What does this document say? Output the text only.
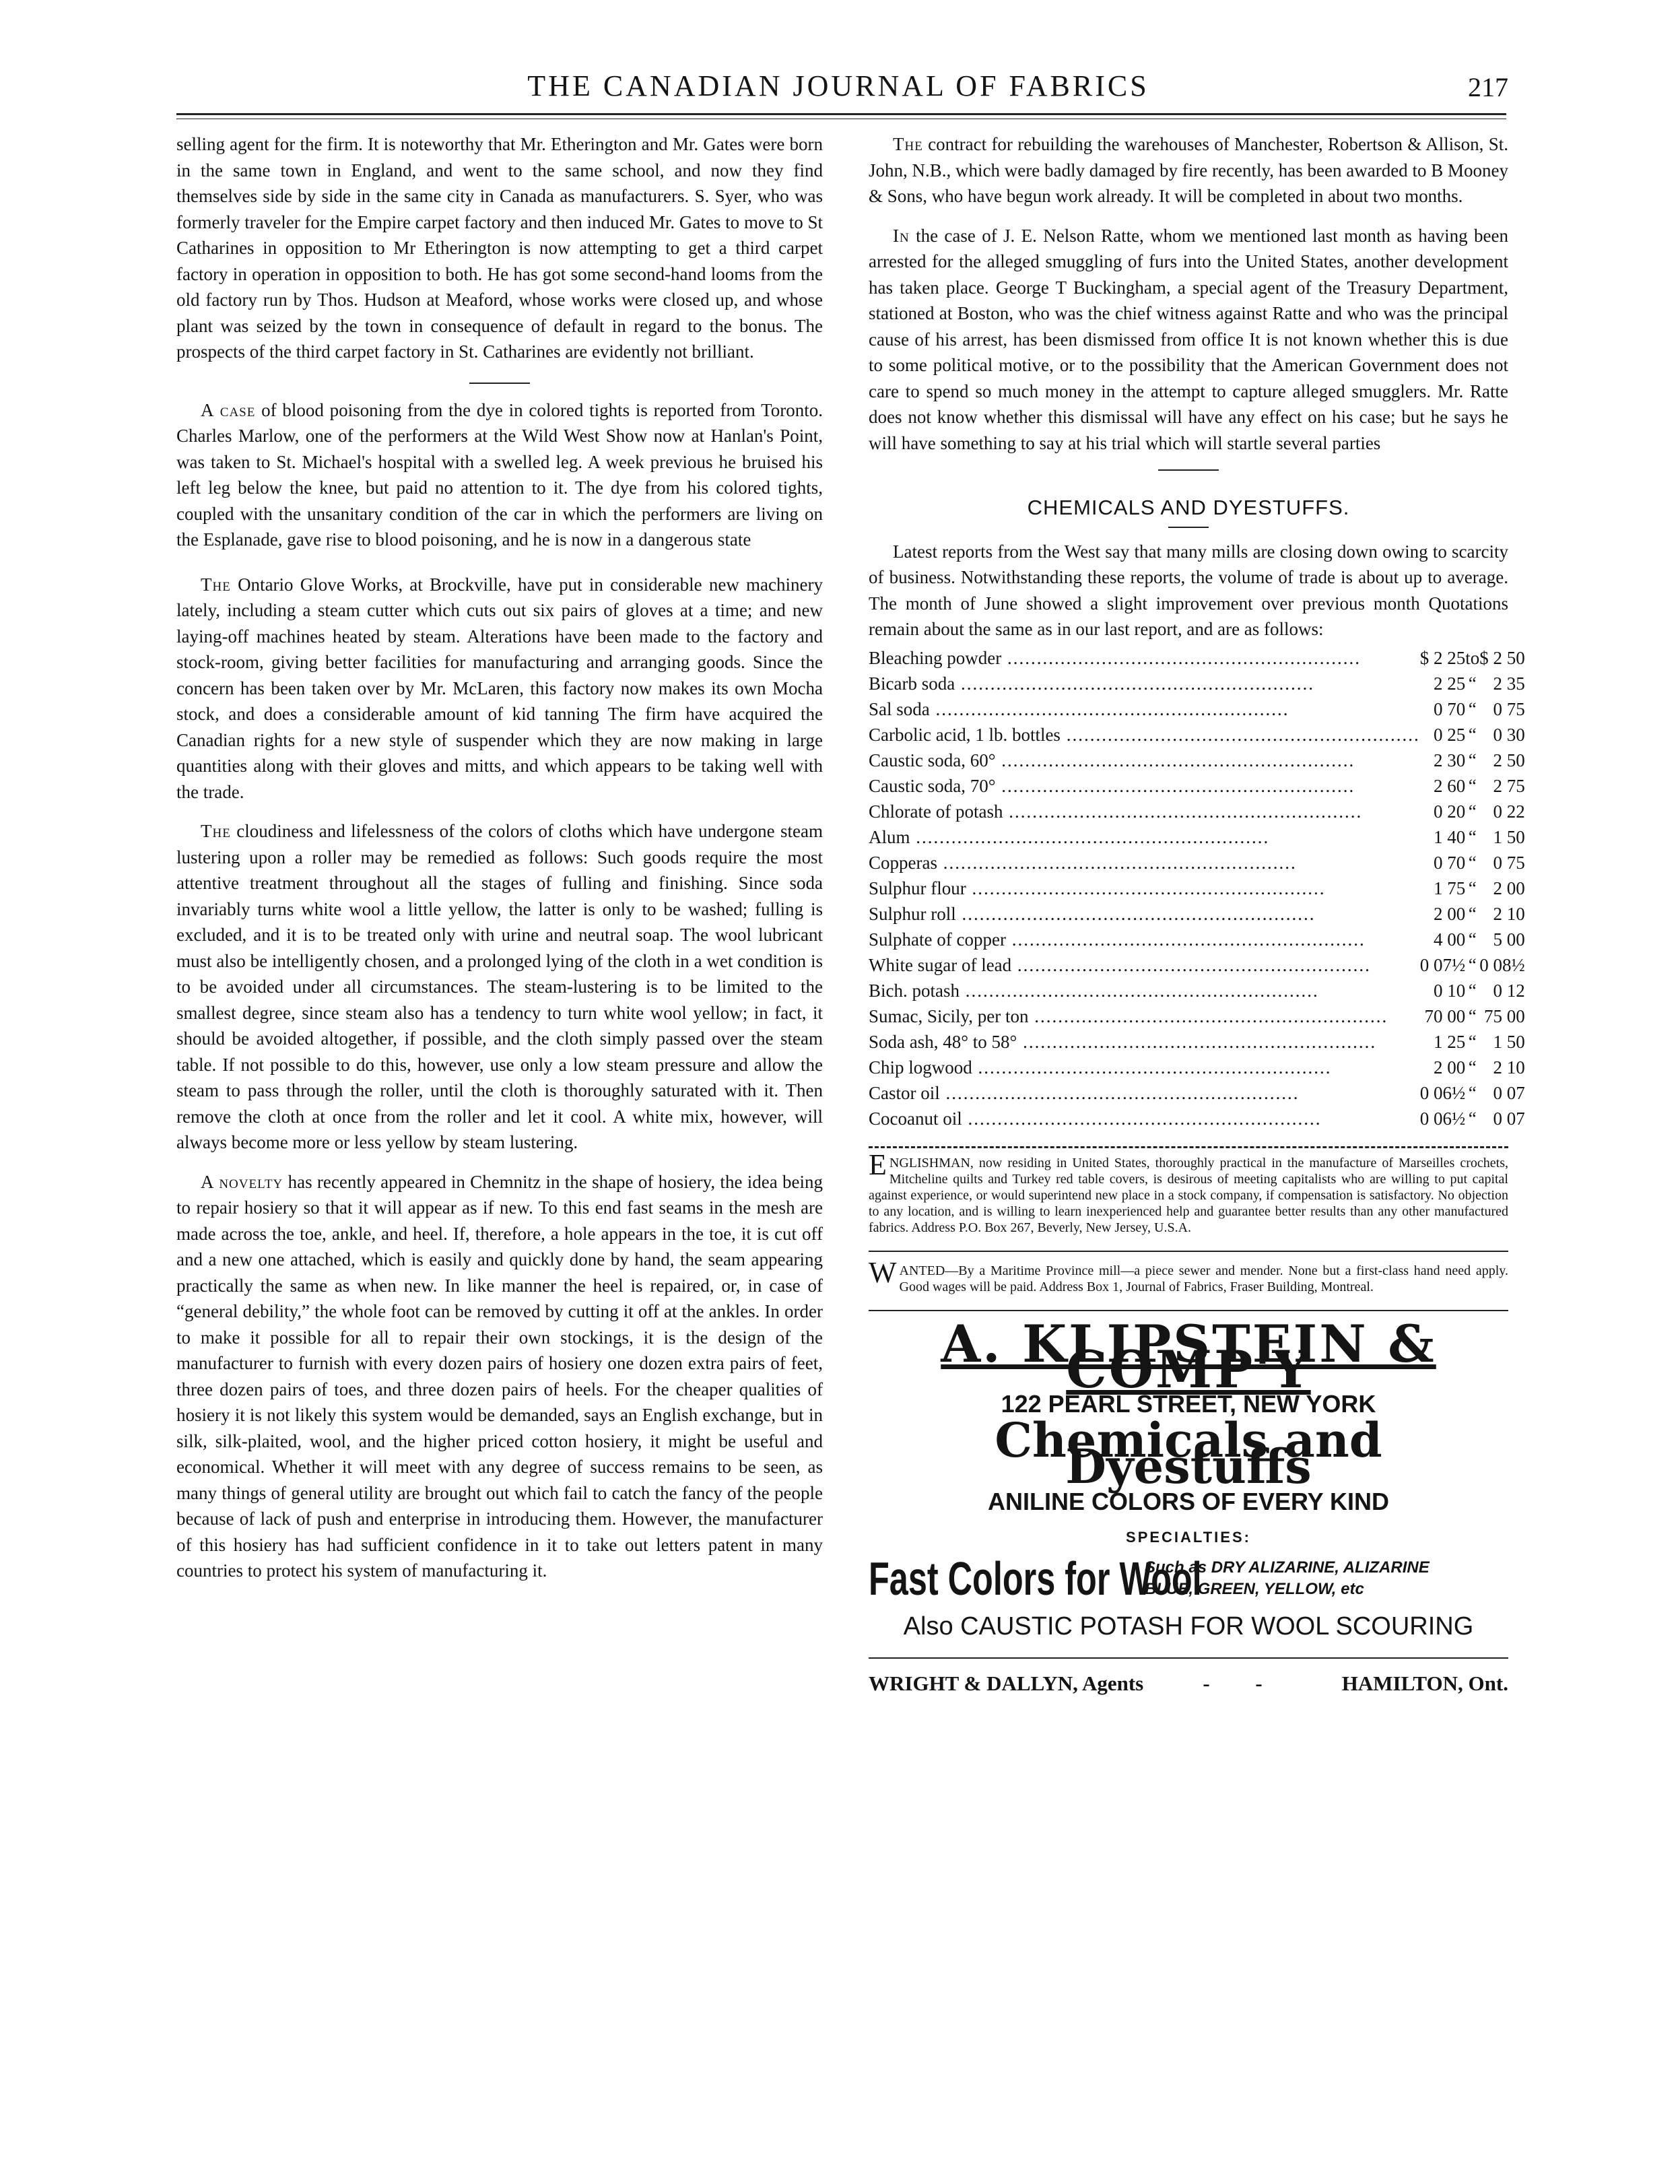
THE CANADIAN JOURNAL OF FABRICS	217

selling agent for the firm. It is noteworthy that Mr. Etherington and Mr. Gates were born in the same town in England, and went to the same school, and now they find themselves side by side in the same city in Canada as manufacturers. S. Syer, who was formerly traveler for the Empire carpet factory and then induced Mr. Gates to move to St Catharines in opposition to Mr Etherington is now attempting to get a third carpet factory in operation in opposition to both. He has got some second-hand looms from the old factory run by Thos. Hudson at Meaford, whose works were closed up, and whose plant was seized by the town in consequence of default in regard to the bonus. The prospects of the third carpet factory in St. Catharines are evidently not brilliant.

A case of blood poisoning from the dye in colored tights is reported from Toronto. Charles Marlow, one of the performers at the Wild West Show now at Hanlan's Point, was taken to St. Michael's hospital with a swelled leg. A week previous he bruised his left leg below the knee, but paid no attention to it. The dye from his colored tights, coupled with the unsanitary condition of the car in which the performers are living on the Esplanade, gave rise to blood poisoning, and he is now in a dangerous state

The Ontario Glove Works, at Brockville, have put in considerable new machinery lately, including a steam cutter which cuts out six pairs of gloves at a time; and new laying-off machines heated by steam. Alterations have been made to the factory and stock-room, giving better facilities for manufacturing and arranging goods. Since the concern has been taken over by Mr. McLaren, this factory now makes its own Mocha stock, and does a considerable amount of kid tanning The firm have acquired the Canadian rights for a new style of suspender which they are now making in large quantities along with their gloves and mitts, and which appears to be taking well with the trade.

The cloudiness and lifelessness of the colors of cloths which have undergone steam lustering upon a roller may be remedied as follows: Such goods require the most attentive treatment throughout all the stages of fulling and finishing. Since soda invariably turns white wool a little yellow, the latter is only to be washed; fulling is excluded, and it is to be treated only with urine and neutral soap. The wool lubricant must also be intelligently chosen, and a prolonged lying of the cloth in a wet condition is to be avoided under all circumstances. The steam-lustering is to be limited to the smallest degree, since steam also has a tendency to turn white wool yellow; in fact, it should be avoided altogether, if possible, and the cloth simply passed over the steam table. If not possible to do this, however, use only a low steam pressure and allow the steam to pass through the roller, until the cloth is thoroughly saturated with it. Then remove the cloth at once from the roller and let it cool. A white mix, however, will always become more or less yellow by steam lustering.

A novelty has recently appeared in Chemnitz in the shape of hosiery, the idea being to repair hosiery so that it will appear as if new. To this end fast seams in the mesh are made across the toe, ankle, and heel. If, therefore, a hole appears in the toe, it is cut off and a new one attached, which is easily and quickly done by hand, the seam appearing practically the same as when new. In like manner the heel is repaired, or, in case of “general debility,” the whole foot can be removed by cutting it off at the ankles. In order to make it possible for all to repair their own stockings, it is the design of the manufacturer to furnish with every dozen pairs of hosiery one dozen extra pairs of feet, three dozen pairs of toes, and three dozen pairs of heels. For the cheaper qualities of hosiery it is not likely this system would be demanded, says an English exchange, but in silk, silk-plaited, wool, and the higher priced cotton hosiery, it might be useful and economical. Whether it will meet with any degree of success remains to be seen, as many things of general utility are brought out which fail to catch the fancy of the people because of lack of push and enterprise in introducing them. However, the manufacturer of this hosiery has had sufficient confidence in it to take out letters patent in many countries to protect his system of manufacturing it.

The contract for rebuilding the warehouses of Manchester, Robertson & Allison, St. John, N.B., which were badly damaged by fire recently, has been awarded to B Mooney & Sons, who have begun work already. It will be completed in about two months.

In the case of J. E. Nelson Ratte, whom we mentioned last month as having been arrested for the alleged smuggling of furs into the United States, another development has taken place. George T Buckingham, a special agent of the Treasury Department, stationed at Boston, who was the chief witness against Ratte and who was the principal cause of his arrest, has been dismissed from office It is not known whether this is due to some political motive, or to the possibility that the American Government does not care to spend so much money in the attempt to capture alleged smugglers. Mr. Ratte does not know whether this dismissal will have any effect on his case; but he says he will have something to say at his trial which will startle several parties

CHEMICALS AND DYESTUFFS.

Latest reports from the West say that many mills are closing down owing to scarcity of business. Notwithstanding these reports, the volume of trade is about up to average. The month of June showed a slight improvement over previous month Quotations remain about the same as in our last report, and are as follows:

Bleaching powder ............................................................	$ 2 25	to	$ 2 50
Bicarb soda ............................................................	2 25	“	2 35
Sal soda ............................................................	0 70	“	0 75
Carbolic acid, 1 lb. bottles ............................................................	0 25	“	0 30
Caustic soda, 60° ............................................................	2 30	“	2 50
Caustic soda, 70° ............................................................	2 60	“	2 75
Chlorate of potash ............................................................	0 20	“	0 22
Alum ............................................................	1 40	“	1 50
Copperas ............................................................	0 70	“	0 75
Sulphur flour ............................................................	1 75	“	2 00
Sulphur roll ............................................................	2 00	“	2 10
Sulphate of copper ............................................................	4 00	“	5 00
White sugar of lead ............................................................	0 07½	“	0 08½
Bich. potash ............................................................	0 10	“	0 12
Sumac, Sicily, per ton ............................................................	70 00	“	75 00
Soda ash, 48° to 58° ............................................................	1 25	“	1 50
Chip logwood ............................................................	2 00	“	2 10
Castor oil ............................................................	0 06½	“	0 07
Cocoanut oil ............................................................	0 06½	“	0 07
ENGLISHMAN, now residing in United States, thoroughly practical in the manufacture of Marseilles crochets, Mitcheline quilts and Turkey red table covers, is desirous of meeting capitalists who are willing to put capital against experience, or would superintend new place in a stock company, if compensation is satisfactory. No objection to any location, and is willing to learn inexperienced help and guarantee better results than any other manufactured fabrics. Address P.O. Box 267, Beverly, New Jersey, U.S.A.
WANTED—By a Maritime Province mill—a piece sewer and mender. None but a first-class hand need apply. Good wages will be paid. Address Box 1, Journal of Fabrics, Fraser Building, Montreal.
A. KLIPSTEIN & COMP'Y
122 PEARL STREET, NEW YORK
Chemicals and Dyestuffs
ANILINE COLORS OF EVERY KIND
SPECIALTIES:
Fast Colors for Wool
Such as DRY ALIZARINE, ALIZARINE
BLUE, GREEN, YELLOW, etc
Also CAUSTIC POTASH FOR WOOL SCOURING
WRIGHT & DALLYN, Agents	- -	HAMILTON, Ont.
